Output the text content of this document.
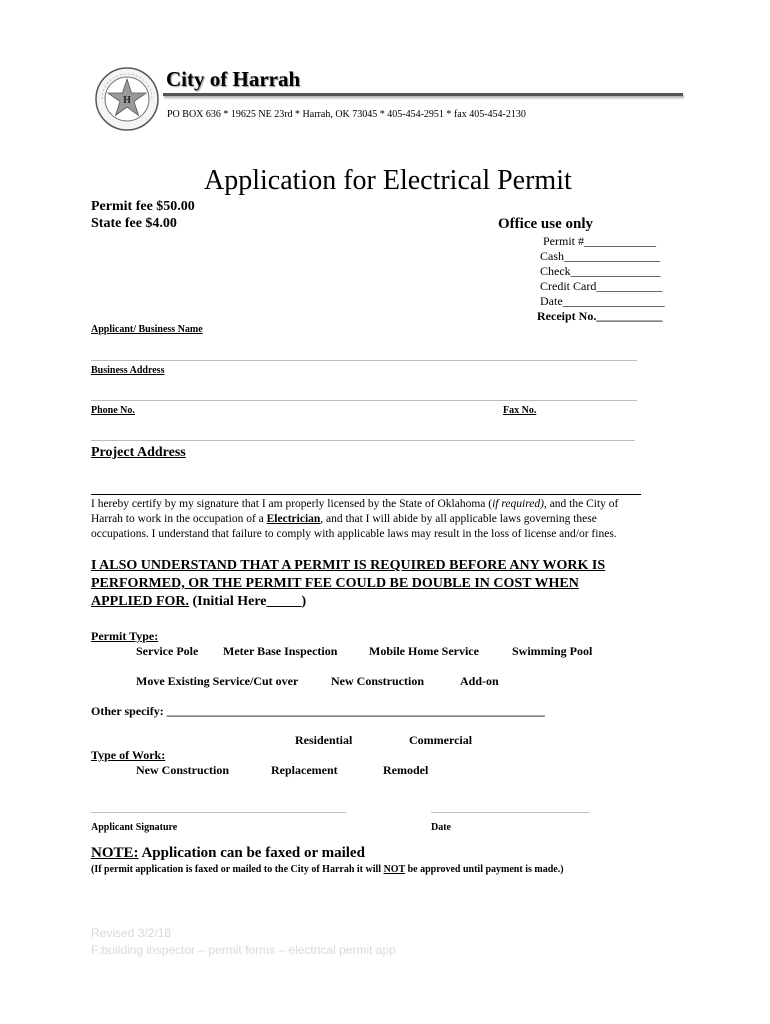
H
City of Harrah
PO BOX 636 * 19625 NE 23rd * Harrah, OK 73045 * 405-454-2951 * fax 405-454-2130
Application for Electrical Permit
Permit fee $50.00
State fee $4.00	Office use only
Permit #____________
Cash________________
Check_______________
Credit Card___________
Date_________________
Receipt No.___________
Applicant/ Business Name
Business Address
Phone No.	Fax No.
Project Address
I hereby certify by my signature that I am properly licensed by the State of Oklahoma (if required), and the City of
Harrah to work in the occupation of a Electrician, and that I will abide by all applicable laws governing these
occupations. I understand that failure to comply with applicable laws may result in the loss of license and/or fines.
I ALSO UNDERSTAND THAT A PERMIT IS REQUIRED BEFORE ANY WORK IS
PERFORMED, OR THE PERMIT FEE COULD BE DOUBLE IN COST WHEN
APPLIED FOR. (Initial Here_____)
Permit Type:
Service Pole Meter Base Inspection	Mobile Home Service	Swimming Pool
Move Existing Service/Cut over	New Construction	Add-on
Other specify: _______________________________________________________________
Residential	Commercial
Type of Work:
New Construction	Replacement	Remodel
Applicant Signature	Date
NOTE: Application can be faxed or mailed
(If permit application is faxed or mailed to the City of Harrah it will NOT be approved until payment is made.)
Revised 3/2/18
F:building inspector – permit forms – electrical permit app
